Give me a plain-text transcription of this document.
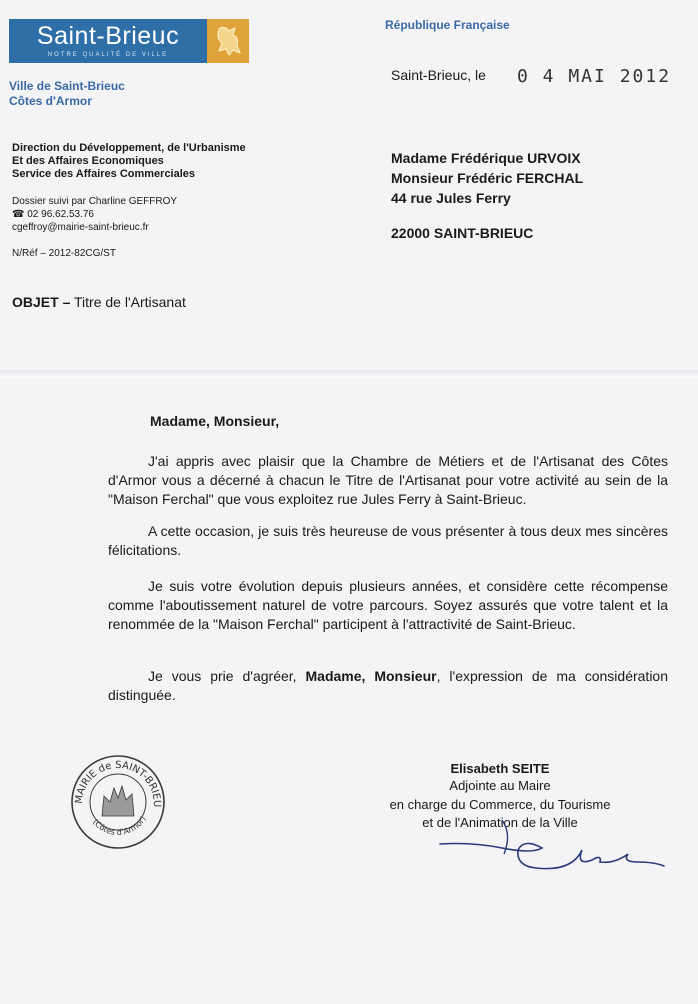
Saint-Brieuc
NOTRE QUALITÉ DE VILLE
République Française
Ville de Saint-Brieuc
Côtes d'Armor
Saint-Brieuc, le 0 4 MAI 2012
Direction du Développement, de l'Urbanisme
Et des Affaires Economiques
Service des Affaires Commerciales
Dossier suivi par Charline GEFFROY
☎ 02 96.62.53.76
cgeffroy@mairie-saint-brieuc.fr
N/Réf – 2012-82CG/ST
Madame Frédérique URVOIX
Monsieur Frédéric FERCHAL
44 rue Jules Ferry
22000 SAINT-BRIEUC
OBJET – Titre de l'Artisanat
Madame, Monsieur,

J'ai appris avec plaisir que la Chambre de Métiers et de l'Artisanat des Côtes d'Armor vous a décerné à chacun le Titre de l'Artisanat pour votre activité au sein de la "Maison Ferchal" que vous exploitez rue Jules Ferry à Saint-Brieuc.

A cette occasion, je suis très heureuse de vous présenter à tous deux mes sincères félicitations.

Je suis votre évolution depuis plusieurs années, et considère cette récompense comme l'aboutissement naturel de votre parcours. Soyez assurés que votre talent et la renommée de la "Maison Ferchal" participent à l'attractivité de Saint-Brieuc.

Je vous prie d'agréer, Madame, Monsieur, l'expression de ma considération distinguée.

MAIRIE de SAINT-BRIEU
(Côtes d'Armor)
Elisabeth SEITE
Adjointe au Maire
en charge du Commerce, du Tourisme
et de l'Animation de la Ville
